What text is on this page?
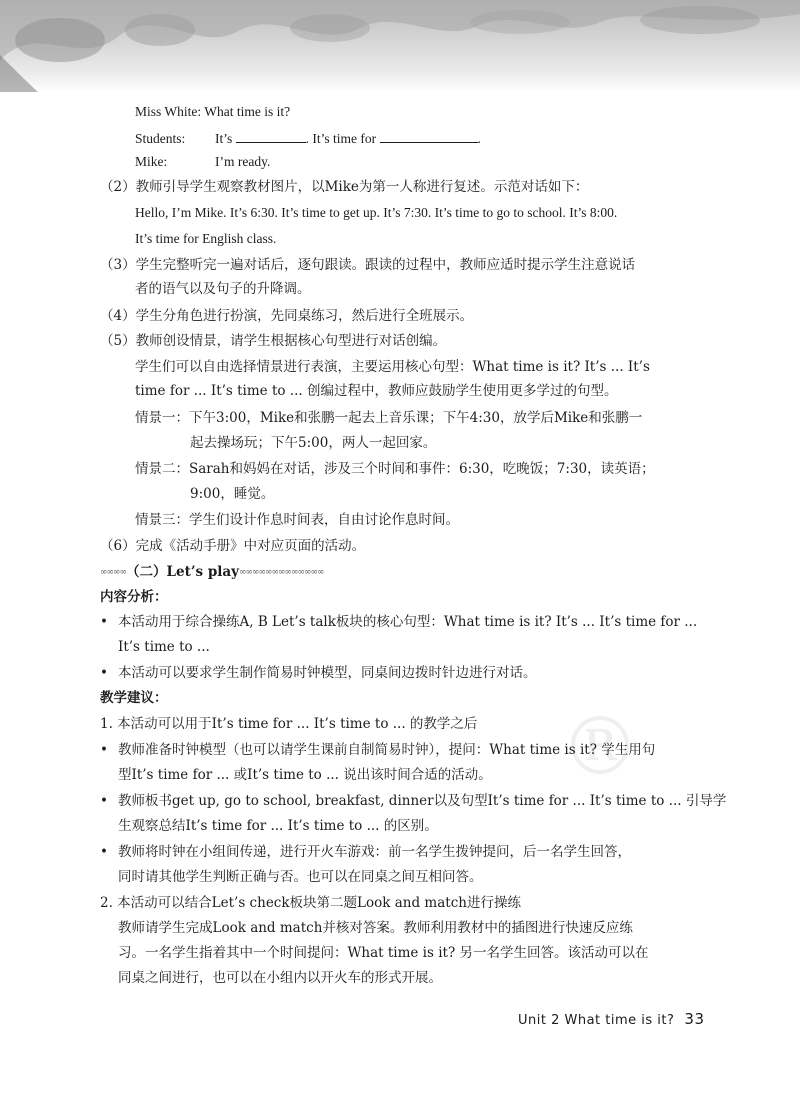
®
Miss White: What time is it?
Students: It’s	. It’s time for	.
Mike:	I’m ready.
（2）教师引导学生观察教材图片，以Mike为第一人称进行复述。示范对话如下：
Hello, I’m Mike. It’s 6:30. It’s time to get up. It’s 7:30. It’s time to go to school. It’s 8:00.
It’s time for English class.
（3）学生完整听完一遍对话后，逐句跟读。跟读的过程中，教师应适时提示学生注意说话
者的语气以及句子的升降调。
（4）学生分角色进行扮演，先同桌练习，然后进行全班展示。
（5）教师创设情景，请学生根据核心句型进行对话创编。
学生们可以自由选择情景进行表演，主要运用核心句型：What time is it? It’s ... It’s
time for ... It’s time to ... 创编过程中，教师应鼓励学生使用更多学过的句型。
情景一：下午3:00，Mike和张鹏一起去上音乐课；下午4:30，放学后Mike和张鹏一
起去操场玩；下午5:00，两人一起回家。
情景二：Sarah和妈妈在对话，涉及三个时间和事件：6:30，吃晚饭；7:30，读英语；
9:00，睡觉。
情景三：学生们设计作息时间表，自由讨论作息时间。
（6）完成《活动手册》中对应页面的活动。
∞∞∞∞（二）Let’s play∞∞∞∞∞∞∞∞∞∞∞∞∞
内容分析：
• 本活动用于综合操练A, B Let’s talk板块的核心句型：What time is it? It’s ... It’s time for ...
It’s time to ...
• 本活动可以要求学生制作简易时钟模型，同桌间边拨时针边进行对话。
教学建议：
1. 本活动可以用于It’s time for ... It’s time to ... 的教学之后
• 教师准备时钟模型（也可以请学生课前自制简易时钟），提问：What time is it? 学生用句
型It’s time for ... 或It’s time to ... 说出该时间合适的活动。
• 教师板书get up, go to school, breakfast, dinner以及句型It’s time for ... It’s time to ... 引导学
生观察总结It’s time for ... It’s time to ... 的区别。
• 教师将时钟在小组间传递，进行开火车游戏：前一名学生拨钟提问，后一名学生回答，
同时请其他学生判断正确与否。也可以在同桌之间互相问答。
2. 本活动可以结合Let’s check板块第二题Look and match进行操练
教师请学生完成Look and match并核对答案。教师利用教材中的插图进行快速反应练
习。一名学生指着其中一个时间提问：What time is it? 另一名学生回答。该活动可以在
同桌之间进行，也可以在小组内以开火车的形式开展。
Unit 2 What time is it? 33
